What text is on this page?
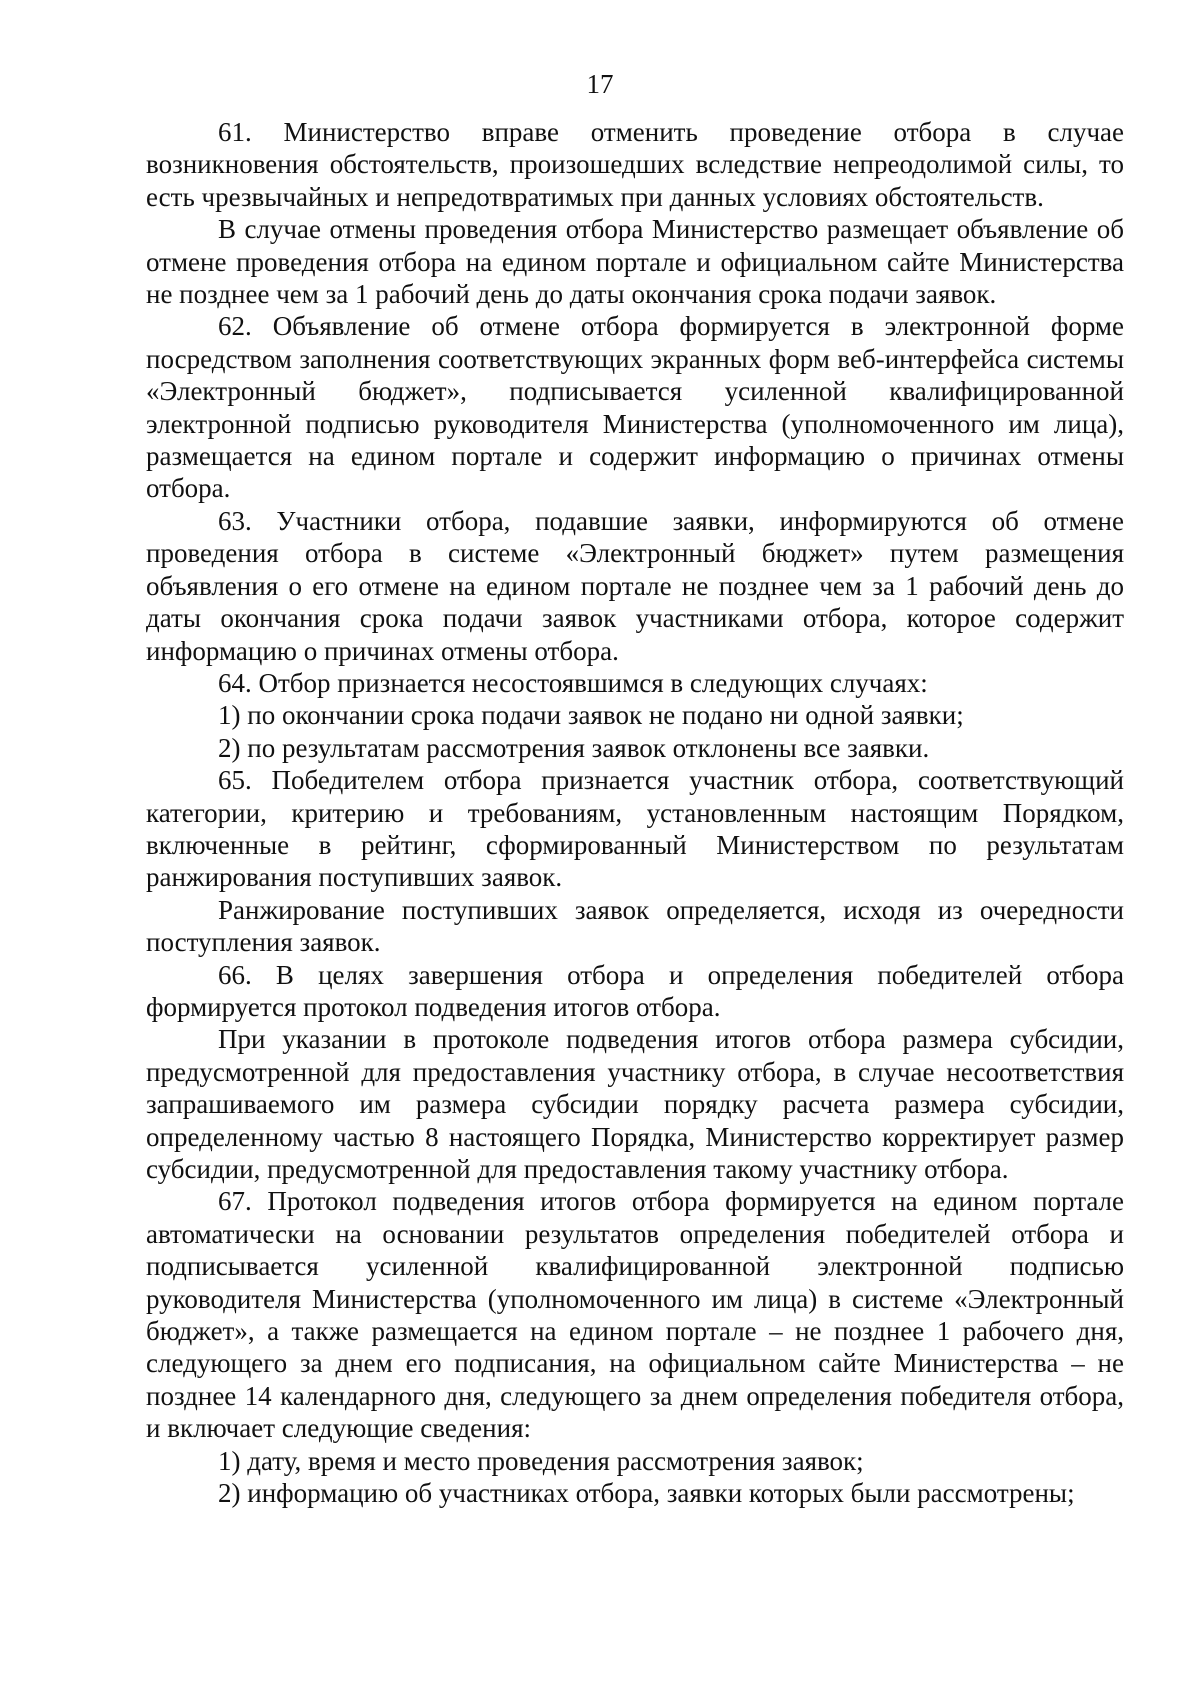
17

61. Министерство вправе отменить проведение отбора в случае возникновения обстоятельств, произошедших вследствие непреодолимой силы, то есть чрезвычайных и непредотвратимых при данных условиях обстоятельств.

В случае отмены проведения отбора Министерство размещает объявление об отмене проведения отбора на едином портале и официальном сайте Министерства не позднее чем за 1 рабочий день до даты окончания срока подачи заявок.

62. Объявление об отмене отбора формируется в электронной форме посредством заполнения соответствующих экранных форм веб-интерфейса системы «Электронный бюджет», подписывается усиленной квалифицированной электронной подписью руководителя Министерства (уполномоченного им лица), размещается на едином портале и содержит информацию о причинах отмены отбора.

63. Участники отбора, подавшие заявки, информируются об отмене проведения отбора в системе «Электронный бюджет» путем размещения объявления о его отмене на едином портале не позднее чем за 1 рабочий день до даты окончания срока подачи заявок участниками отбора, которое содержит информацию о причинах отмены отбора.

64. Отбор признается несостоявшимся в следующих случаях:

1) по окончании срока подачи заявок не подано ни одной заявки;

2) по результатам рассмотрения заявок отклонены все заявки.

65. Победителем отбора признается участник отбора, соответствующий категории, критерию и требованиям, установленным настоящим Порядком, включенные в рейтинг, сформированный Министерством по результатам ранжирования поступивших заявок.

Ранжирование поступивших заявок определяется, исходя из очередности поступления заявок.

66. В целях завершения отбора и определения победителей отбора формируется протокол подведения итогов отбора.

При указании в протоколе подведения итогов отбора размера субсидии, предусмотренной для предоставления участнику отбора, в случае несоответствия запрашиваемого им размера субсидии порядку расчета размера субсидии, определенному частью 8 настоящего Порядка, Министерство корректирует размер субсидии, предусмотренной для предоставления такому участнику отбора.

67. Протокол подведения итогов отбора формируется на едином портале автоматически на основании результатов определения победителей отбора и подписывается усиленной квалифицированной электронной подписью руководителя Министерства (уполномоченного им лица) в системе «Электронный бюджет», а также размещается на едином портале – не позднее 1 рабочего дня, следующего за днем его подписания, на официальном сайте Министерства – не позднее 14 календарного дня, следующего за днем определения победителя отбора, и включает следующие сведения:

1) дату, время и место проведения рассмотрения заявок;

2) информацию об участниках отбора, заявки которых были рассмотрены;
